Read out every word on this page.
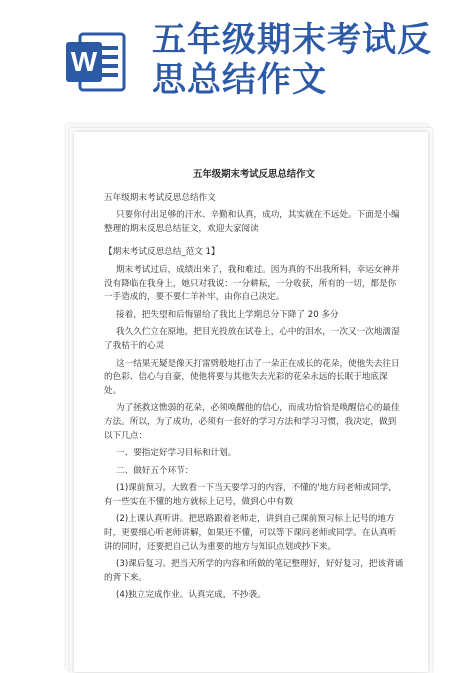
W
五年级期末考试反
思总结作文
五年级期末考试反思总结作文

五年级期末考试反思总结作文

只要你付出足够的汗水、辛勤和认真，成功，其实就在不远处。下面是小编整理的期末反思总结征文，欢迎大家阅读

【期末考试反思总结_范文 1】

期末考试过后，成绩出来了，我和难过。因为真的不出我所料，幸运女神并没有降临在我身上，她只对我说：一分耕耘，一分收获，所有的一切，都是你一手造成的，要不要仁羊补牢，由你自己决定。

接着，把失望和后悔留给了我比上学期总分下降了 20 多分

我久久伫立在原地，把目光投放在试卷上，心中的泪水，一次又一次地濡湿了我枯干的心灵

这一结果无疑是像天打雷劈般地打击了一朵正在成长的花朵，使他失去往日的色彩、信心与自豪，使他将要与其他失去光彩的花朵永远的长眠于地底深处。

为了拯救这憔弱的花朵，必须唤醒他的信心，而成功恰恰是唤醒信心的最佳方法。所以，为了成功，必须有一套好的学习方法和学习习惯，我决定，做到以下几点：

一、要指定好学习目标和计划。

二、做好五个环节：

(1)课前预习。大致看一下当天要学习的内容，不懂的'地方问老师或同学，有一些实在不懂的地方就标上记号，做到心中有数

(2)上课认真听讲。把思路跟着老师走，讲到自己课前预习标上记号的地方时，更要细心听老师讲解，如果还不懂，可以等下课问老师或同学。在认真听讲的同时，还要把自己认为重要的地方与知识点划或抄下来。

(3)课后复习。把当天所学的内容和所做的笔记整理好，好好复习，把该背诵的背下来。

(4)独立完成作业。认真完成，不抄袭。
